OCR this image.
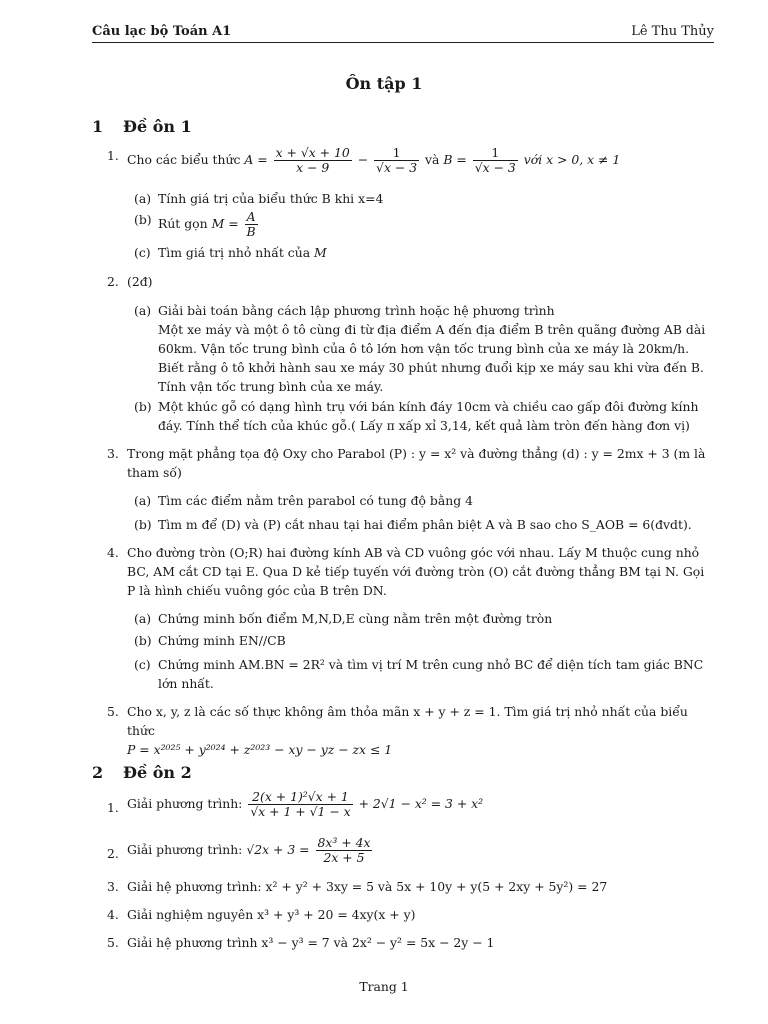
Câu lạc bộ Toán A1	Lê Thu Thủy
Ôn tập 1
1 Đề ôn 1
1. Cho các biểu thức $A = \frac{x + √x + 10}{x - 9} - \frac{1}{√x - 3}$ và $B = \frac{1}{√x - 3}$ với x > 0, x ≠ 1
(a) Tính giá trị của biểu thức B khi x=4
(b) Rút gọn $M = \frac{A}{B}$
(c) Tìm giá trị nhỏ nhất của M
2. (2đ)
(a) Giải bài toán bằng cách lập phương trình hoặc hệ phương trình
Một xe máy và một ô tô cùng đi từ địa điểm A đến địa điểm B trên quãng đường AB dài 60km. Vận tốc trung bình của ô tô lớn hơn vận tốc trung bình của xe máy là 20km/h. Biết rằng ô tô khởi hành sau xe máy 30 phút nhưng đuổi kịp xe máy sau khi vừa đến B. Tính vận tốc trung bình của xe máy.
(b) Một khúc gỗ có dạng hình trụ với bán kính đáy 10cm và chiều cao gấp đôi đường kính đáy. Tính thể tích của khúc gỗ.( Lấy π xấp xỉ 3,14, kết quả làm tròn đến hàng đơn vị)
3. Trong mặt phẳng tọa độ Oxy cho Parabol (P) : y = x² và đường thẳng (d) : y = 2mx + 3 (m là tham số)
(a) Tìm các điểm nằm trên parabol có tung độ bằng 4
(b) Tìm m để (D) và (P) cắt nhau tại hai điểm phân biệt A và B sao cho S_AOB = 6(đvdt).
4. Cho đường tròn (O;R) hai đường kính AB và CD vuông góc với nhau. Lấy M thuộc cung nhỏ BC, AM cắt CD tại E. Qua D kẻ tiếp tuyến với đường tròn (O) cắt đường thẳng BM tại N. Gọi P là hình chiếu vuông góc của B trên DN.
(a) Chứng minh bốn điểm M,N,D,E cùng nằm trên một đường tròn
(b) Chứng minh EN//CB
(c) Chứng minh AM.BN = 2R² và tìm vị trí M trên cung nhỏ BC để diện tích tam giác BNC lớn nhất.
5. Cho x, y, z là các số thực không âm thỏa mãn x + y + z = 1. Tìm giá trị nhỏ nhất của biểu thức
P = x²⁰²⁵ + y²⁰²⁴ + z²⁰²³ − xy − yz − zx ≤ 1
2 Đề ôn 2
1. Giải phương trình: $\frac{\text{2(x + 1)²√x + 1}}{√x + 1 + √1 - x} + 2√1 - x^2 = 3 + x^2$
2. Giải phương trình: $√2x + 3 = \frac{\text{8x³ + 4x}}{2x + 5}$
3. Giải hệ phương trình: x² + y² + 3xy = 5 và 5x + 10y + y(5 + 2xy + 5y²) = 27
4. Giải nghiệm nguyên x³ + y³ + 20 = 4xy(x + y)
5. Giải hệ phương trình x³ − y³ = 7 và 2x² − y² = 5x − 2y − 1
Trang 1
